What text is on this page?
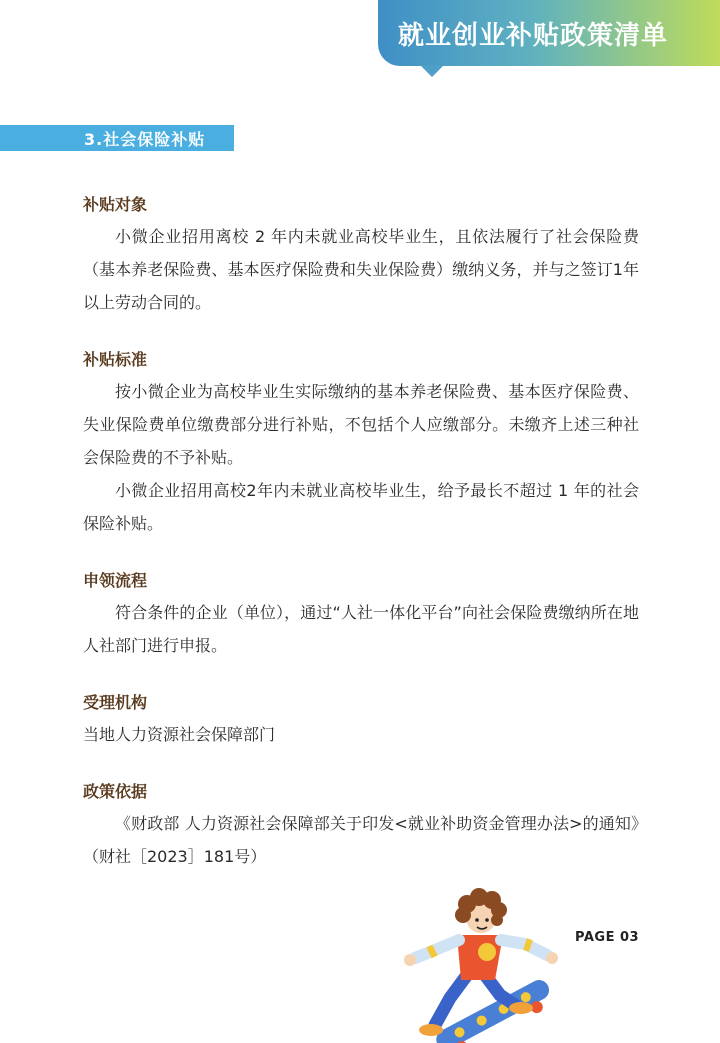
就业创业补贴政策清单
3.社会保险补贴
补贴对象

小微企业招用离校 2 年内未就业高校毕业生，且依法履行了社会保险费（基本养老保险费、基本医疗保险费和失业保险费）缴纳义务，并与之签订1年以上劳动合同的。

补贴标准

按小微企业为高校毕业生实际缴纳的基本养老保险费、基本医疗保险费、失业保险费单位缴费部分进行补贴，不包括个人应缴部分。未缴齐上述三种社会保险费的不予补贴。

小微企业招用高校2年内未就业高校毕业生，给予最长不超过 1 年的社会保险补贴。

申领流程

符合条件的企业（单位），通过“人社一体化平台”向社会保险费缴纳所在地人社部门进行申报。

受理机构

当地人力资源社会保障部门

政策依据

《财政部 人力资源社会保障部关于印发<就业补助资金管理办法>的通知》（财社［2023］181号）

PAGE 03
